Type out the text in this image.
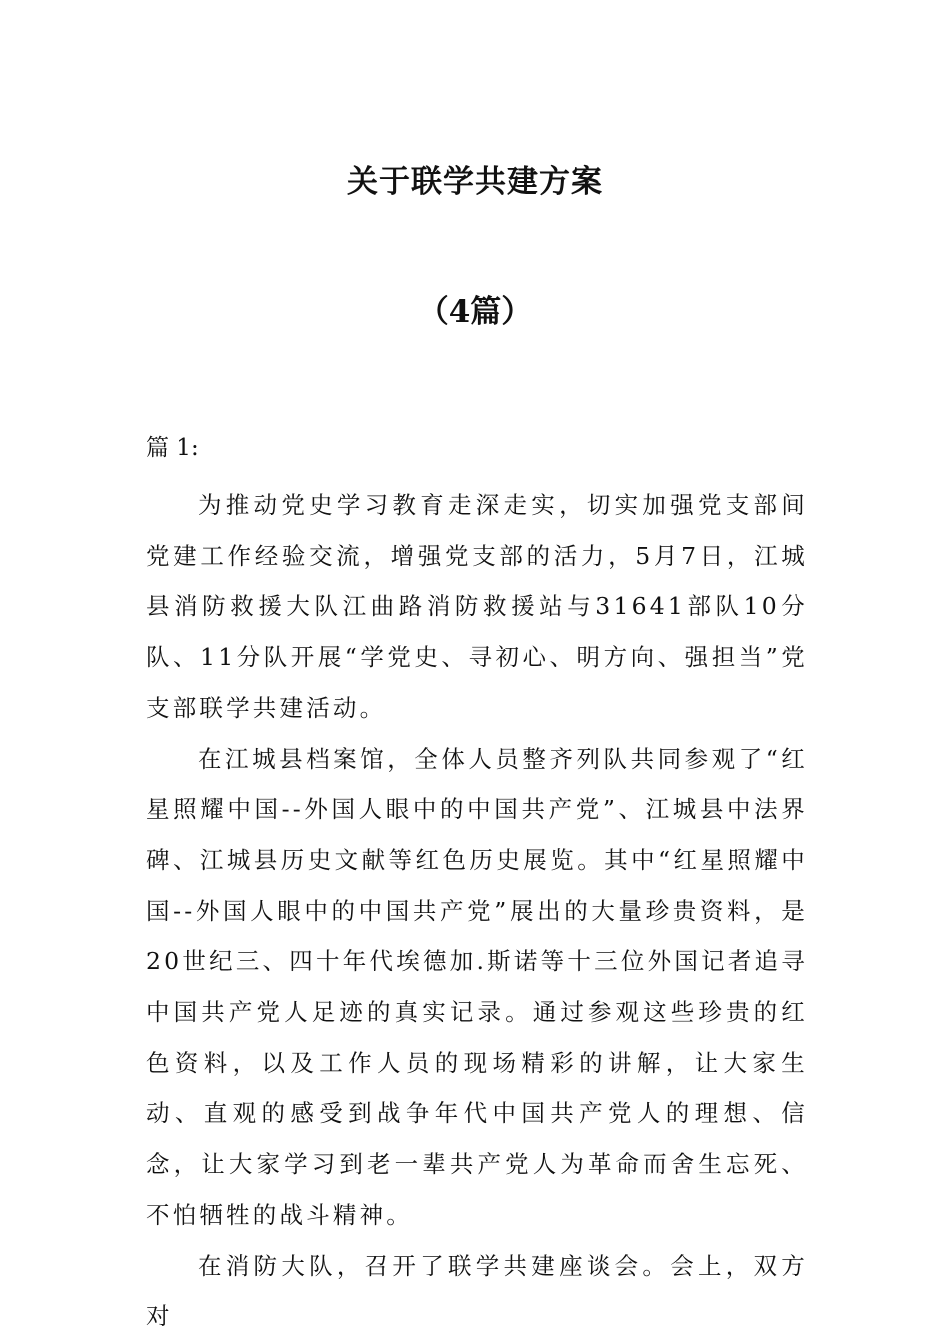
关于联学共建方案
（4篇）
篇 1:

为推动党史学习教育走深走实，切实加强党支部间党建工作经验交流，增强党支部的活力，5月7日，江城县消防救援大队江曲路消防救援站与31641部队10分队、11分队开展“学党史、寻初心、明方向、强担当”党支部联学共建活动。

在江城县档案馆，全体人员整齐列队共同参观了“红星照耀中国--外国人眼中的中国共产党”、江城县中法界碑、江城县历史文献等红色历史展览。其中“红星照耀中国--外国人眼中的中国共产党”展出的大量珍贵资料，是20世纪三、四十年代埃德加.斯诺等十三位外国记者追寻中国共产党人足迹的真实记录。通过参观这些珍贵的红色资料，以及工作人员的现场精彩的讲解，让大家生动、直观的感受到战争年代中国共产党人的理想、信念，让大家学习到老一辈共产党人为革命而舍生忘死、不怕牺牲的战斗精神。

在消防大队，召开了联学共建座谈会。会上，双方对
